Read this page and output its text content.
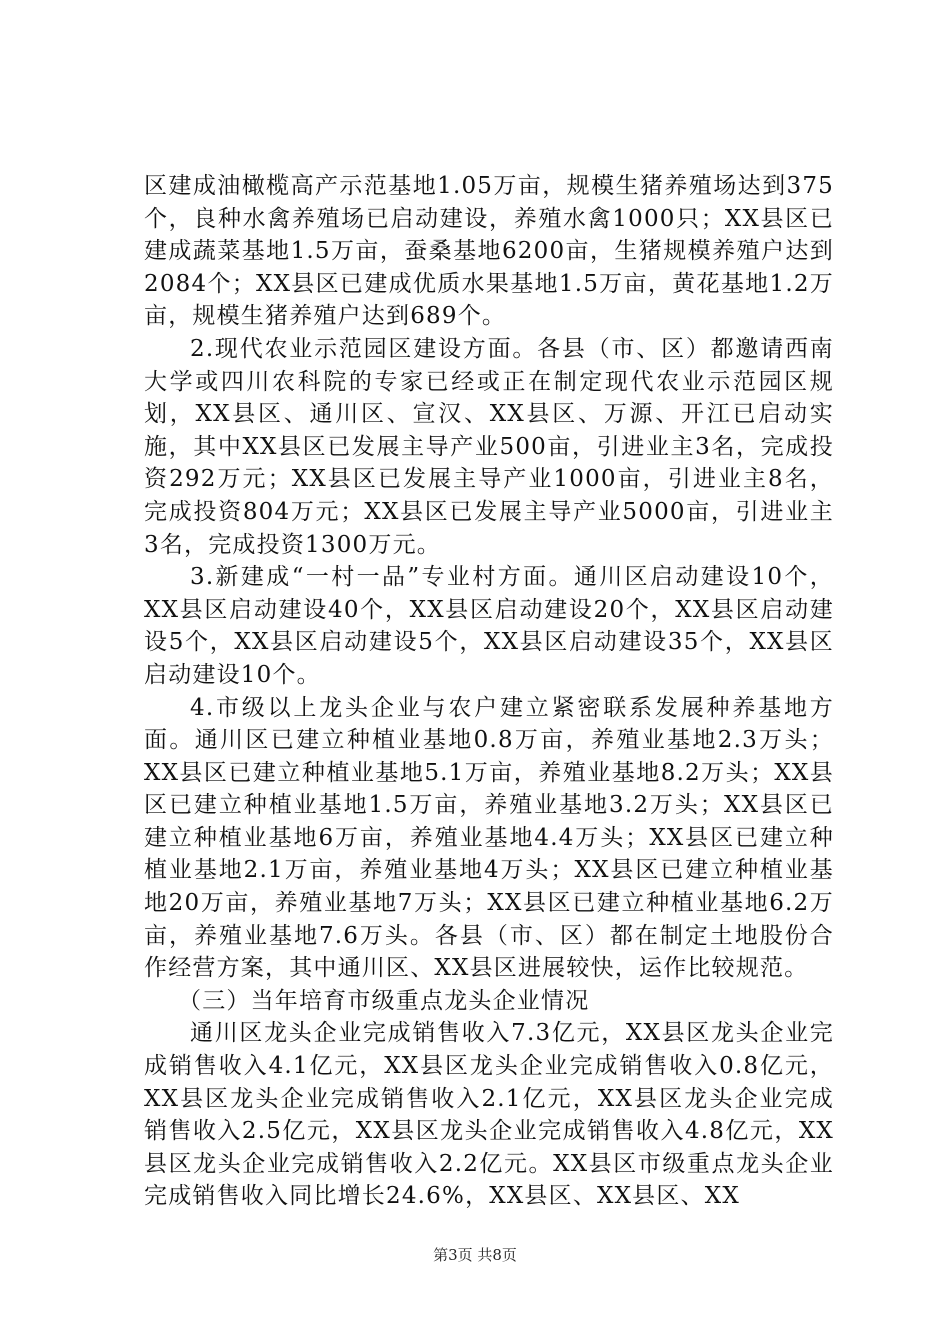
区建成油橄榄高产示范基地1.05万亩，规模生猪养殖场达到375个，良种水禽养殖场已启动建设，养殖水禽1000只；XX县区已建成蔬菜基地1.5万亩，蚕桑基地6200亩，生猪规模养殖户达到2084个；XX县区已建成优质水果基地1.5万亩，黄花基地1.2万亩，规模生猪养殖户达到689个。

2.现代农业示范园区建设方面。各县（市、区）都邀请西南大学或四川农科院的专家已经或正在制定现代农业示范园区规划，XX县区、通川区、宣汉、XX县区、万源、开江已启动实施，其中XX县区已发展主导产业500亩，引进业主3名，完成投资292万元；XX县区已发展主导产业1000亩，引进业主8名，完成投资804万元；XX县区已发展主导产业5000亩，引进业主3名，完成投资1300万元。

3.新建成“一村一品”专业村方面。通川区启动建设10个，XX县区启动建设40个，XX县区启动建设20个，XX县区启动建设5个，XX县区启动建设5个，XX县区启动建设35个，XX县区启动建设10个。

4.市级以上龙头企业与农户建立紧密联系发展种养基地方面。通川区已建立种植业基地0.8万亩，养殖业基地2.3万头；XX县区已建立种植业基地5.1万亩，养殖业基地8.2万头；XX县区已建立种植业基地1.5万亩，养殖业基地3.2万头；XX县区已建立种植业基地6万亩，养殖业基地4.4万头；XX县区已建立种植业基地2.1万亩，养殖业基地4万头；XX县区已建立种植业基地20万亩，养殖业基地7万头；XX县区已建立种植业基地6.2万亩，养殖业基地7.6万头。各县（市、区）都在制定土地股份合作经营方案，其中通川区、XX县区进展较快，运作比较规范。

（三）当年培育市级重点龙头企业情况

通川区龙头企业完成销售收入7.3亿元，XX县区龙头企业完成销售收入4.1亿元，XX县区龙头企业完成销售收入0.8亿元，XX县区龙头企业完成销售收入2.1亿元，XX县区龙头企业完成销售收入2.5亿元，XX县区龙头企业完成销售收入4.8亿元，XX县区龙头企业完成销售收入2.2亿元。XX县区市级重点龙头企业完成销售收入同比增长24.6%，XX县区、XX县区、XX

第3页 共8页
